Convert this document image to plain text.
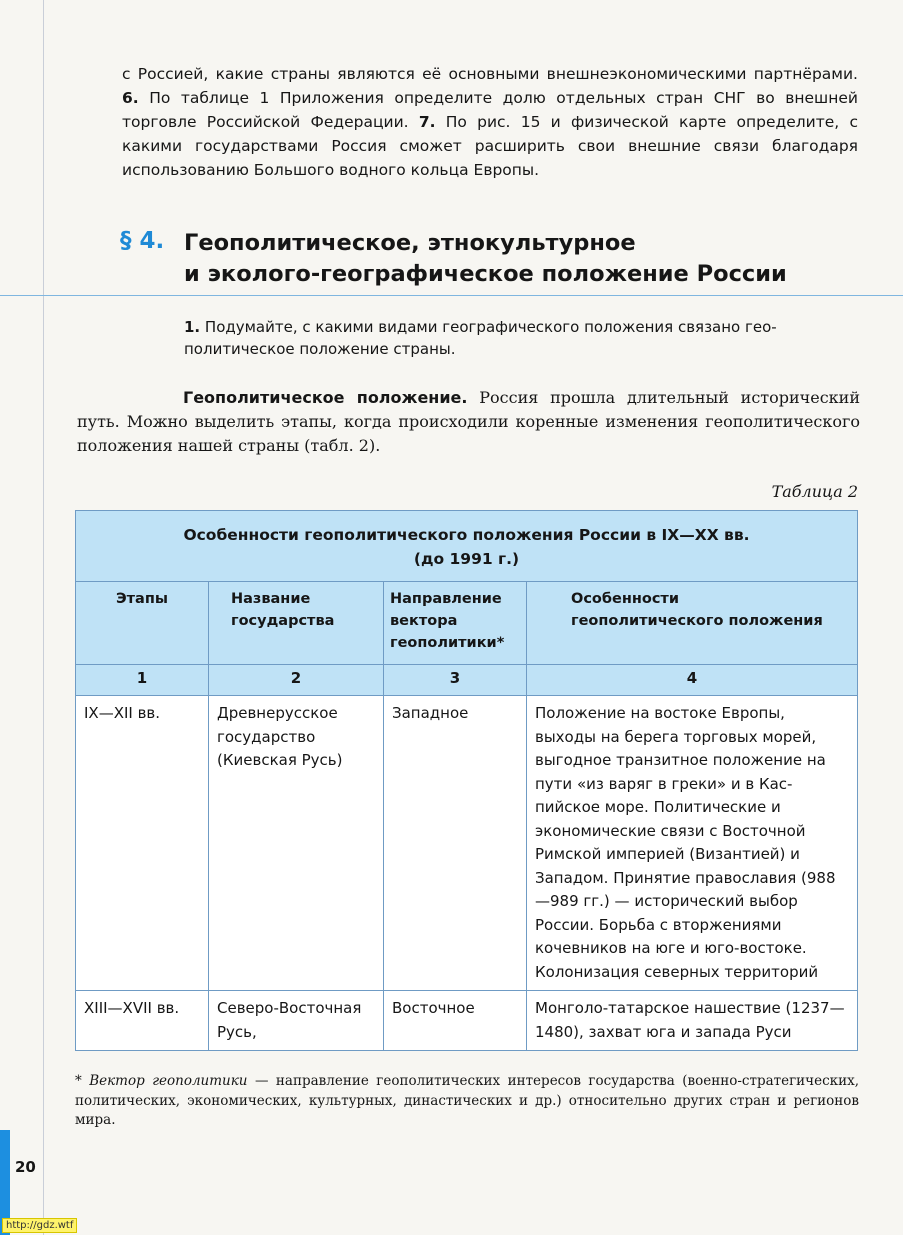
с Россией, какие страны являются её основными внешнеэкономическими партнёрами. 6. По таблице 1 Приложения определите долю отдельных стран СНГ во внешней торговле Российской Федерации. 7. По рис. 15 и физической карте определите, с какими государствами Россия сможет расширить свои внешние связи благодаря использованию Большого водного кольца Европы.
§ 4. Геополитическое, этнокультурное
и эколого-географическое положение России
1. Подумайте, с какими видами географического положения связано геополитическое положение страны.
Геополитическое положение. Россия прошла длительный исторический путь. Можно выделить этапы, когда происходили коренные изменения геополитического положения нашей страны (табл. 2).
Таблица 2
Особенности геополитического положения России в IX—XX вв.
(до 1991 г.)			

Этапы	Название государства	Направление вектора геополитики*	Особенности геополитического положения
1	2	3	4
IX—XII вв.	Древнерусское государство (Киевская Русь)	Западное	Положение на востоке Европы, выходы на берега торговых морей, выгодное транзитное положение на пути «из варяг в греки» и в Каспийское море. Политические и экономические связи с Восточной Римской империей (Византией) и Западом. Принятие православия (988—989 гг.) — исторический выбор России. Борьба с вторжениями кочевников на юге и юго-востоке. Колонизация северных территорий
XIII—XVII вв.	Северо-Восточная Русь,	Восточное	Монголо-татарское нашествие (1237—1480), захват юга и запада Руси
* Вектор геополитики — направление геополитических интересов государства (военно-стратегических, политических, экономических, культурных, династических и др.) относительно других стран и регионов мира.
20
http://gdz.wtf
